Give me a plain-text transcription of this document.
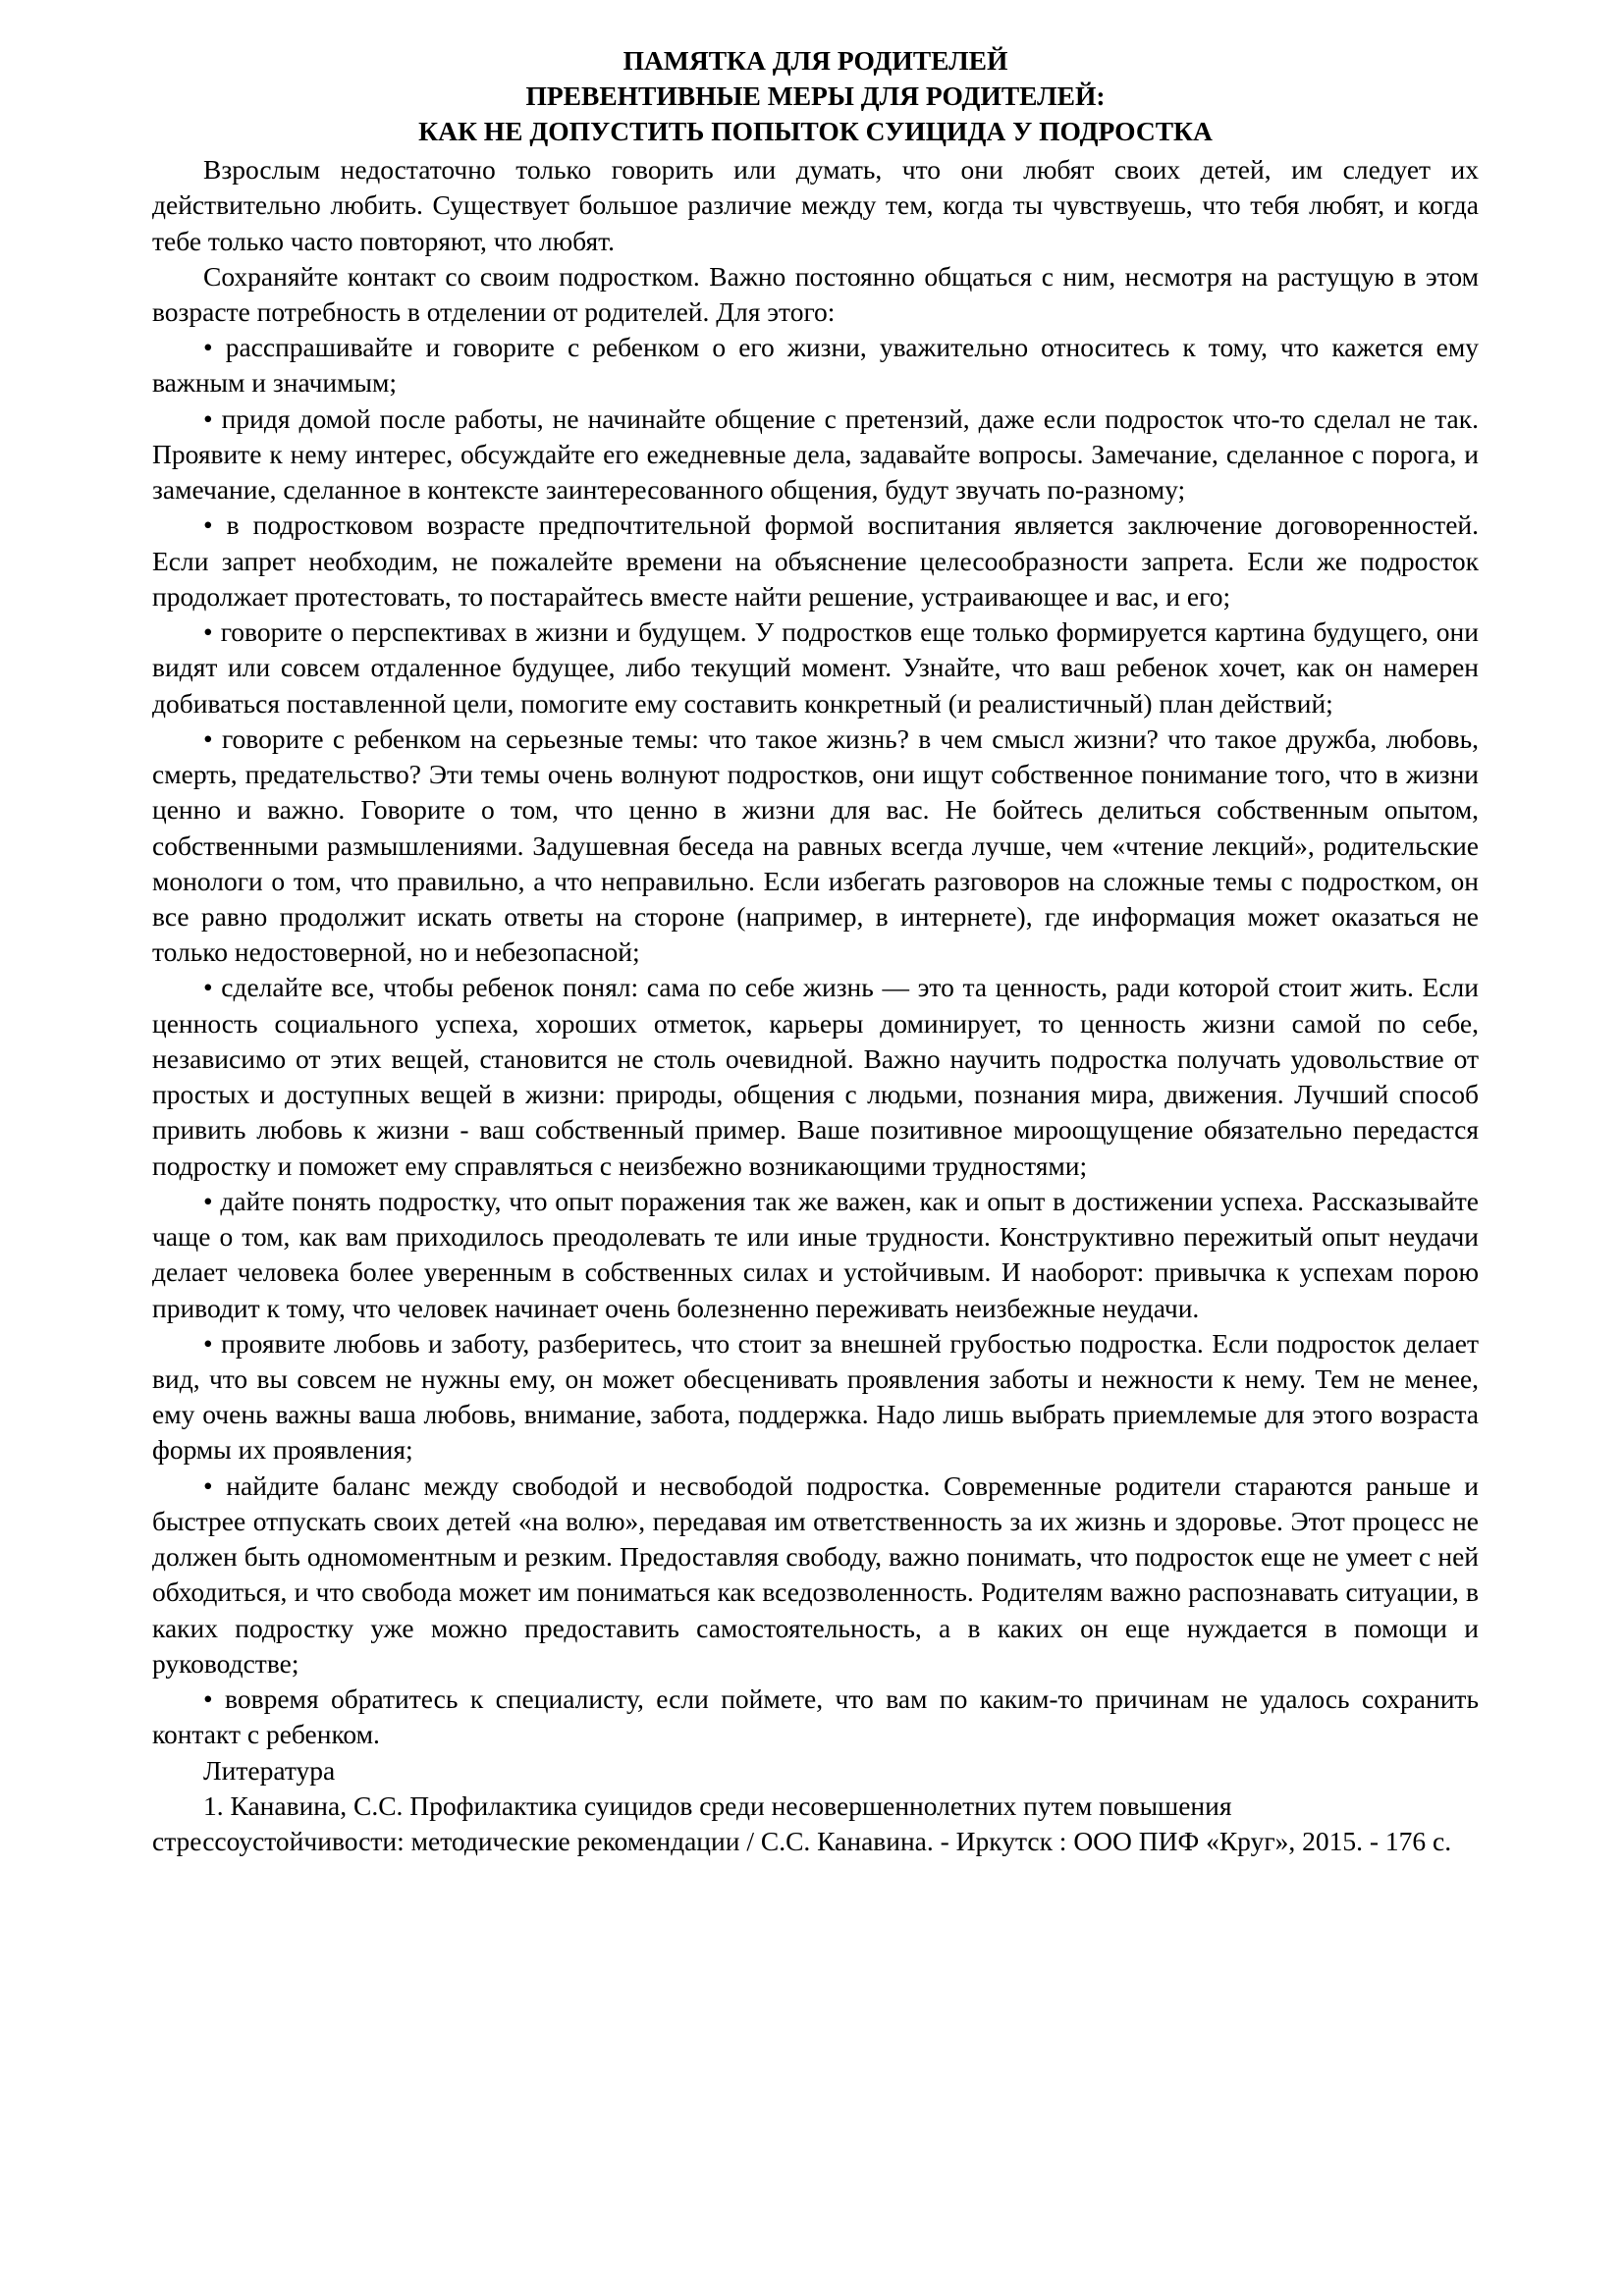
ПАМЯТКА ДЛЯ РОДИТЕЛЕЙ
ПРЕВЕНТИВНЫЕ МЕРЫ ДЛЯ РОДИТЕЛЕЙ:
КАК НЕ ДОПУСТИТЬ ПОПЫТОК СУИЦИДА У ПОДРОСТКА

Взрослым недостаточно только говорить или думать, что они любят своих детей, им следует их действительно любить. Существует большое различие между тем, когда ты чувствуешь, что тебя любят, и когда тебе только часто повторяют, что любят.

Сохраняйте контакт со своим подростком. Важно постоянно общаться с ним, несмотря на растущую в этом возрасте потребность в отделении от родителей. Для этого:

• расспрашивайте и говорите с ребенком о его жизни, уважительно относитесь к тому, что кажется ему важным и значимым;

• придя домой после работы, не начинайте общение с претензий, даже если подросток что-то сделал не так. Проявите к нему интерес, обсуждайте его ежедневные дела, задавайте вопросы. Замечание, сделанное с порога, и замечание, сделанное в контексте заинтересованного общения, будут звучать по-разному;

• в подростковом возрасте предпочтительной формой воспитания является заключение договоренностей. Если запрет необходим, не пожалейте времени на объяснение целесообразности запрета. Если же подросток продолжает протестовать, то постарайтесь вместе найти решение, устраивающее и вас, и его;

• говорите о перспективах в жизни и будущем. У подростков еще только формируется картина будущего, они видят или совсем отдаленное будущее, либо текущий момент. Узнайте, что ваш ребенок хочет, как он намерен добиваться поставленной цели, помогите ему составить конкретный (и реалистичный) план действий;

• говорите с ребенком на серьезные темы: что такое жизнь? в чем смысл жизни? что такое дружба, любовь, смерть, предательство? Эти темы очень волнуют подростков, они ищут собственное понимание того, что в жизни ценно и важно. Говорите о том, что ценно в жизни для вас. Не бойтесь делиться собственным опытом, собственными размышлениями. Задушевная беседа на равных всегда лучше, чем «чтение лекций», родительские монологи о том, что правильно, а что неправильно. Если избегать разговоров на сложные темы с подростком, он все равно продолжит искать ответы на стороне (например, в интернете), где информация может оказаться не только недостоверной, но и небезопасной;

• сделайте все, чтобы ребенок понял: сама по себе жизнь — это та ценность, ради которой стоит жить. Если ценность социального успеха, хороших отметок, карьеры доминирует, то ценность жизни самой по себе, независимо от этих вещей, становится не столь очевидной. Важно научить подростка получать удовольствие от простых и доступных вещей в жизни: природы, общения с людьми, познания мира, движения. Лучший способ привить любовь к жизни - ваш собственный пример. Ваше позитивное мироощущение обязательно передастся подростку и поможет ему справляться с неизбежно возникающими трудностями;

• дайте понять подростку, что опыт поражения так же важен, как и опыт в достижении успеха. Рассказывайте чаще о том, как вам приходилось преодолевать те или иные трудности. Конструктивно пережитый опыт неудачи делает человека более уверенным в собственных силах и устойчивым. И наоборот: привычка к успехам порою приводит к тому, что человек начинает очень болезненно переживать неизбежные неудачи.

• проявите любовь и заботу, разберитесь, что стоит за внешней грубостью подростка. Если подросток делает вид, что вы совсем не нужны ему, он может обесценивать проявления заботы и нежности к нему. Тем не менее, ему очень важны ваша любовь, внимание, забота, поддержка. Надо лишь выбрать приемлемые для этого возраста формы их проявления;

• найдите баланс между свободой и несвободой подростка. Современные родители стараются раньше и быстрее отпускать своих детей «на волю», передавая им ответственность за их жизнь и здоровье. Этот процесс не должен быть одномоментным и резким. Предоставляя свободу, важно понимать, что подросток еще не умеет с ней обходиться, и что свобода может им пониматься как вседозволенность. Родителям важно распознавать ситуации, в каких подростку уже можно предоставить самостоятельность, а в каких он еще нуждается в помощи и руководстве;

• вовремя обратитесь к специалисту, если поймете, что вам по каким-то причинам не удалось сохранить контакт с ребенком.

Литература

1. Канавина, С.С. Профилактика суицидов среди несовершеннолетних путем повышения стрессоустойчивости: методические рекомендации / С.С. Канавина. - Иркутск : ООО ПИФ «Круг», 2015. - 176 с.
